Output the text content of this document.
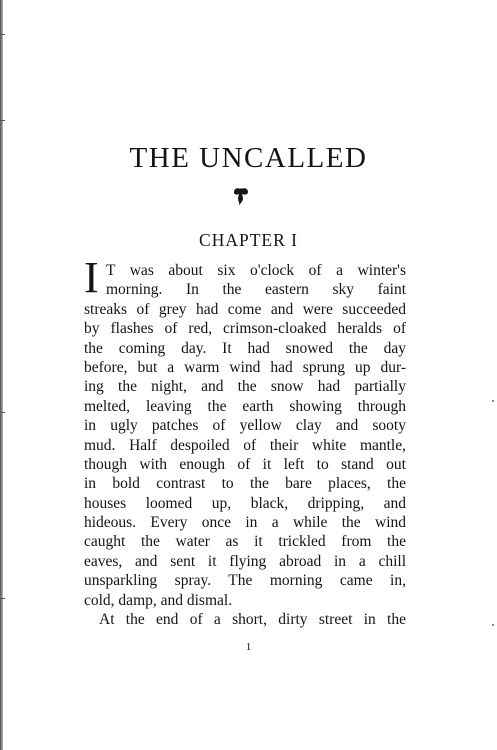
THE UNCALLED
CHAPTER I
I T was about six o'clock of a winter's
morning. In the eastern sky faint
streaks of grey had come and were succeeded
by flashes of red, crimson-cloaked heralds of
the coming day. It had snowed the day
before, but a warm wind had sprung up dur-
ing the night, and the snow had partially
melted, leaving the earth showing through
in ugly patches of yellow clay and sooty
mud. Half despoiled of their white mantle,
though with enough of it left to stand out
in bold contrast to the bare places, the
houses loomed up, black, dripping, and
hideous. Every once in a while the wind
caught the water as it trickled from the
eaves, and sent it flying abroad in a chill
unsparkling spray. The morning came in,
cold, damp, and dismal.
At the end of a short, dirty street in the
1
